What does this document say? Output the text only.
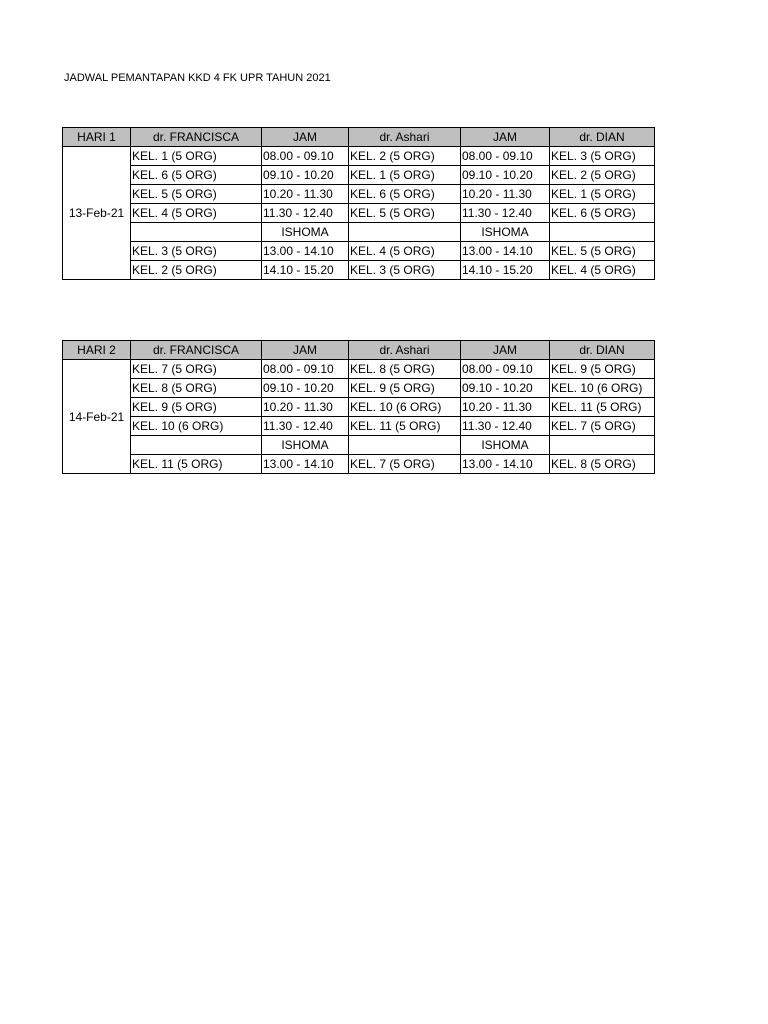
JADWAL PEMANTAPAN KKD 4 FK UPR TAHUN 2021
HARI 1	dr. FRANCISCA	JAM	dr. Ashari	JAM	dr. DIAN
13-Feb-21	KEL. 1 (5 ORG)	08.00 - 09.10	KEL. 2 (5 ORG)	08.00 - 09.10	KEL. 3 (5 ORG)
	KEL. 6 (5 ORG)	09.10 - 10.20	KEL. 1 (5 ORG)	09.10 - 10.20	KEL. 2 (5 ORG)
	KEL. 5 (5 ORG)	10.20 - 11.30	KEL. 6 (5 ORG)	10.20 - 11.30	KEL. 1 (5 ORG)
	KEL. 4 (5 ORG)	11.30 - 12.40	KEL. 5 (5 ORG)	11.30 - 12.40	KEL. 6 (5 ORG)
		ISHOMA		ISHOMA	
	KEL. 3 (5 ORG)	13.00 - 14.10	KEL. 4 (5 ORG)	13.00 - 14.10	KEL. 5 (5 ORG)
	KEL. 2 (5 ORG)	14.10 - 15.20	KEL. 3 (5 ORG)	14.10 - 15.20	KEL. 4 (5 ORG)
HARI 2	dr. FRANCISCA	JAM	dr. Ashari	JAM	dr. DIAN
14-Feb-21	KEL. 7 (5 ORG)	08.00 - 09.10	KEL. 8 (5 ORG)	08.00 - 09.10	KEL. 9 (5 ORG)
	KEL. 8 (5 ORG)	09.10 - 10.20	KEL. 9 (5 ORG)	09.10 - 10.20	KEL. 10 (6 ORG)
	KEL. 9 (5 ORG)	10.20 - 11.30	KEL. 10 (6 ORG)	10.20 - 11.30	KEL. 11 (5 ORG)
	KEL. 10 (6 ORG)	11.30 - 12.40	KEL. 11 (5 ORG)	11.30 - 12.40	KEL. 7 (5 ORG)
		ISHOMA		ISHOMA	
	KEL. 11 (5 ORG)	13.00 - 14.10	KEL. 7 (5 ORG)	13.00 - 14.10	KEL. 8 (5 ORG)
